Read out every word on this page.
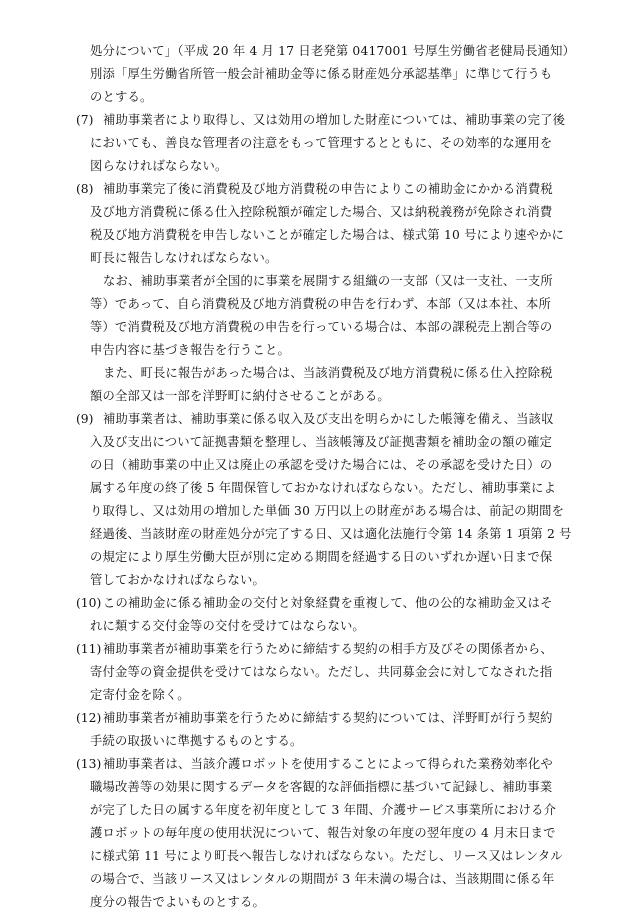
処分について」（平成 20 年 4 月 17 日老発第 0417001 号厚生労働省老健局長通知）
別添「厚生労働省所管一般会計補助金等に係る財産処分承認基準」に準じて行うも
のとする。
(7) 補助事業者により取得し、又は効用の増加した財産については、補助事業の完了後
においても、善良な管理者の注意をもって管理するとともに、その効率的な運用を
図らなければならない。
(8) 補助事業完了後に消費税及び地方消費税の申告によりこの補助金にかかる消費税
及び地方消費税に係る仕入控除税額が確定した場合、又は納税義務が免除され消費
税及び地方消費税を申告しないことが確定した場合は、様式第 10 号により速やかに
町長に報告しなければならない。
なお、補助事業者が全国的に事業を展開する組織の一支部（又は一支社、一支所
等）であって、自ら消費税及び地方消費税の申告を行わず、本部（又は本社、本所
等）で消費税及び地方消費税の申告を行っている場合は、本部の課税売上割合等の
申告内容に基づき報告を行うこと。
また、町長に報告があった場合は、当該消費税及び地方消費税に係る仕入控除税
額の全部又は一部を洋野町に納付させることがある。
(9) 補助事業者は、補助事業に係る収入及び支出を明らかにした帳簿を備え、当該収
入及び支出について証拠書類を整理し、当該帳簿及び証拠書類を補助金の額の確定
の日（補助事業の中止又は廃止の承認を受けた場合には、その承認を受けた日）の
属する年度の終了後 5 年間保管しておかなければならない。ただし、補助事業によ
り取得し、又は効用の増加した単価 30 万円以上の財産がある場合は、前記の期間を
経過後、当該財産の財産処分が完了する日、又は適化法施行令第 14 条第 1 項第 2 号
の規定により厚生労働大臣が別に定める期間を経過する日のいずれか遅い日まで保
管しておかなければならない。
(10) この補助金に係る補助金の交付と対象経費を重複して、他の公的な補助金又はそ
れに類する交付金等の交付を受けてはならない。
(11) 補助事業者が補助事業を行うために締結する契約の相手方及びその関係者から、
寄付金等の資金提供を受けてはならない。ただし、共同募金会に対してなされた指
定寄付金を除く。
(12) 補助事業者が補助事業を行うために締結する契約については、洋野町が行う契約
手続の取扱いに準拠するものとする。
(13) 補助事業者は、当該介護ロボットを使用することによって得られた業務効率化や
職場改善等の効果に関するデータを客観的な評価指標に基づいて記録し、補助事業
が完了した日の属する年度を初年度として 3 年間、介護サービス事業所における介
護ロボットの毎年度の使用状況について、報告対象の年度の翌年度の 4 月末日まで
に様式第 11 号により町長へ報告しなければならない。ただし、リース又はレンタル
の場合で、当該リース又はレンタルの期間が 3 年未満の場合は、当該期間に係る年
度分の報告でよいものとする。
